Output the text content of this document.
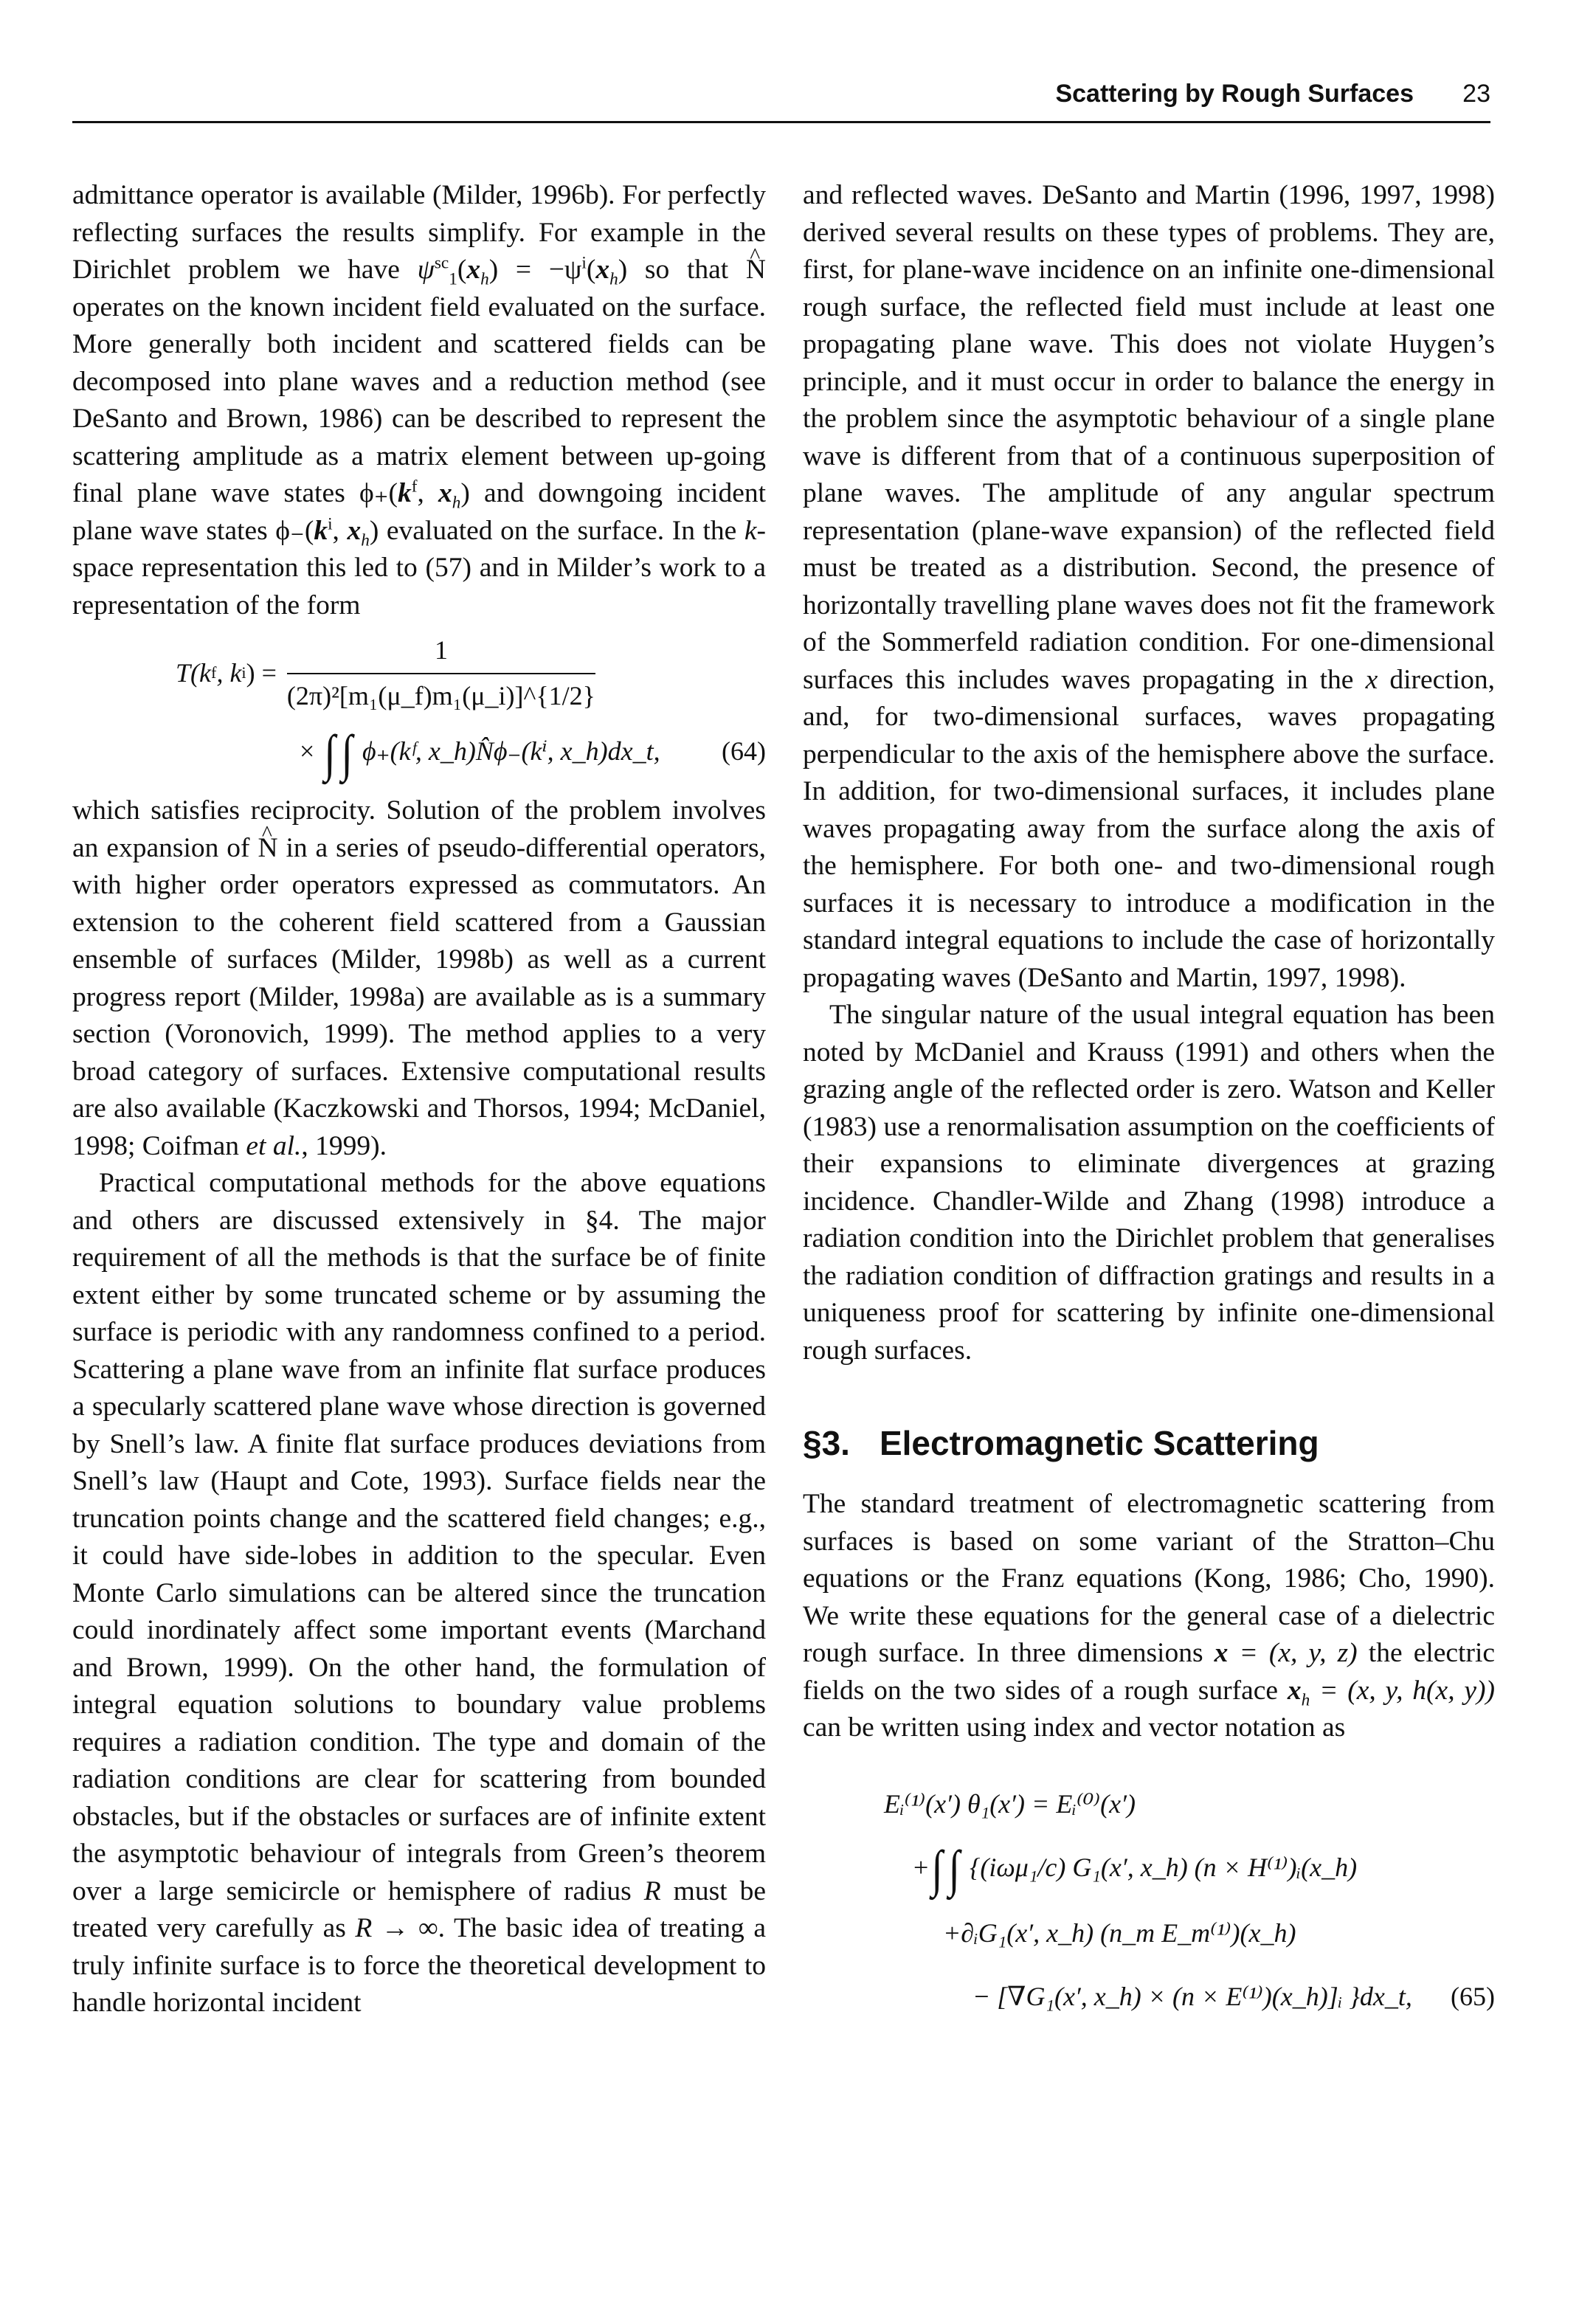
Scattering by Rough Surfaces 23

admittance operator is available (Milder, 1996b). For perfectly reflecting surfaces the results simplify. For example in the Dirichlet problem we have $\psi^{sc}_1(x_h) = -\psi^i(x_h)$ so that ^ N operates on the known incident field evaluated on the surface. More generally both incident and scattered fields can be decomposed into plane waves and a reduction method (see DeSanto and Brown, 1986) can be described to represent the scattering amplitude as a matrix element between up-going final plane wave states $\phi_+(k^f$, $x_h$) and downgoing incident plane wave states $\phi_-(k^i$, $x_h$) evaluated on the surface. In the k-space representation this led to (57) and in Milder’s work to a representation of the form

T(k f , k i ) = $\frac{1}{\text{(2π)²[m₁(μ\_f)m₁(μ\_i)]\textasciicircum{}\{1/2\}}}$
× ∫ ∫ ϕ₊(kᶠ, x_h)N̂ϕ₋(kⁱ, x_h)dx_t, (64)

which satisfies reciprocity. Solution of the problem involves an expansion of ^ N in a series of pseudo-differential operators, with higher order operators expressed as commutators. An extension to the coherent field scattered from a Gaussian ensemble of surfaces (Milder, 1998b) as well as a current progress report (Milder, 1998a) are available as is a summary section (Voronovich, 1999). The method applies to a very broad category of surfaces. Extensive computational results are also available (Kaczkowski and Thorsos, 1994; McDaniel, 1998; Coifman et al., 1999).

Practical computational methods for the above equations and others are discussed extensively in §4. The major requirement of all the methods is that the surface be of finite extent either by some truncated scheme or by assuming the surface is periodic with any randomness confined to a period. Scattering a plane wave from an infinite flat surface produces a specularly scattered plane wave whose direction is governed by Snell’s law. A finite flat surface produces deviations from Snell’s law (Haupt and Cote, 1993). Surface fields near the truncation points change and the scattered field changes; e.g., it could have side-lobes in addition to the specular. Even Monte Carlo simulations can be altered since the truncation could inordinately affect some important events (Marchand and Brown, 1999). On the other hand, the formulation of integral equation solutions to boundary value problems requires a radiation condition. The type and domain of the radiation conditions are clear for scattering from bounded obstacles, but if the obstacles or surfaces are of infinite extent the asymptotic behaviour of integrals from Green’s theorem over a large semicircle or hemisphere of radius R must be treated very carefully as R → ∞. The basic idea of treating a truly infinite surface is to force the theoretical development to handle horizontal incident

and reflected waves. DeSanto and Martin (1996, 1997, 1998) derived several results on these types of problems. They are, first, for plane-wave incidence on an infinite one-dimensional rough surface, the reflected field must include at least one propagating plane wave. This does not violate Huygen’s principle, and it must occur in order to balance the energy in the problem since the asymptotic behaviour of a single plane wave is different from that of a continuous superposition of plane waves. The amplitude of any angular spectrum representation (plane-wave expansion) of the reflected field must be treated as a distribution. Second, the presence of horizontally travelling plane waves does not fit the framework of the Sommerfeld radiation condition. For one-dimensional surfaces this includes waves propagating in the x direction, and, for two-dimensional surfaces, waves propagating perpendicular to the axis of the hemisphere above the surface. In addition, for two-dimensional surfaces, it includes plane waves propagating away from the surface along the axis of the hemisphere. For both one- and two-dimensional rough surfaces it is necessary to introduce a modification in the standard integral equations to include the case of horizontally propagating waves (DeSanto and Martin, 1997, 1998).

The singular nature of the usual integral equation has been noted by McDaniel and Krauss (1991) and others when the grazing angle of the reflected order is zero. Watson and Keller (1983) use a renormalisation assumption on the coefficients of their expansions to eliminate divergences at grazing incidence. Chandler-Wilde and Zhang (1998) introduce a radiation condition into the Dirichlet problem that generalises the radiation condition of diffraction gratings and results in a uniqueness proof for scattering by infinite one-dimensional rough surfaces.

§3. Electromagnetic Scattering

The standard treatment of electromagnetic scattering from surfaces is based on some variant of the Stratton–Chu equations or the Franz equations (Kong, 1986; Cho, 1990). We write these equations for the general case of a dielectric rough surface. In three dimensions x = (x, y, z) the electric fields on the two sides of a rough surface $x_h = (x$, y, h(x, y)) can be written using index and vector notation as

Eᵢ⁽¹⁾(x′) θ₁(x′) = Eᵢ⁽⁰⁾(x′)
+∫ ∫ {(iωμ₁/c) G₁(x′, x_h) (n × H⁽¹⁾)ᵢ(x_h)
+∂ᵢG₁(x′, x_h) (n_m E_m⁽¹⁾)(x_h)
− [∇G₁(x′, x_h) × (n × E⁽¹⁾)(x_h)]ᵢ }dx_t, (65)
